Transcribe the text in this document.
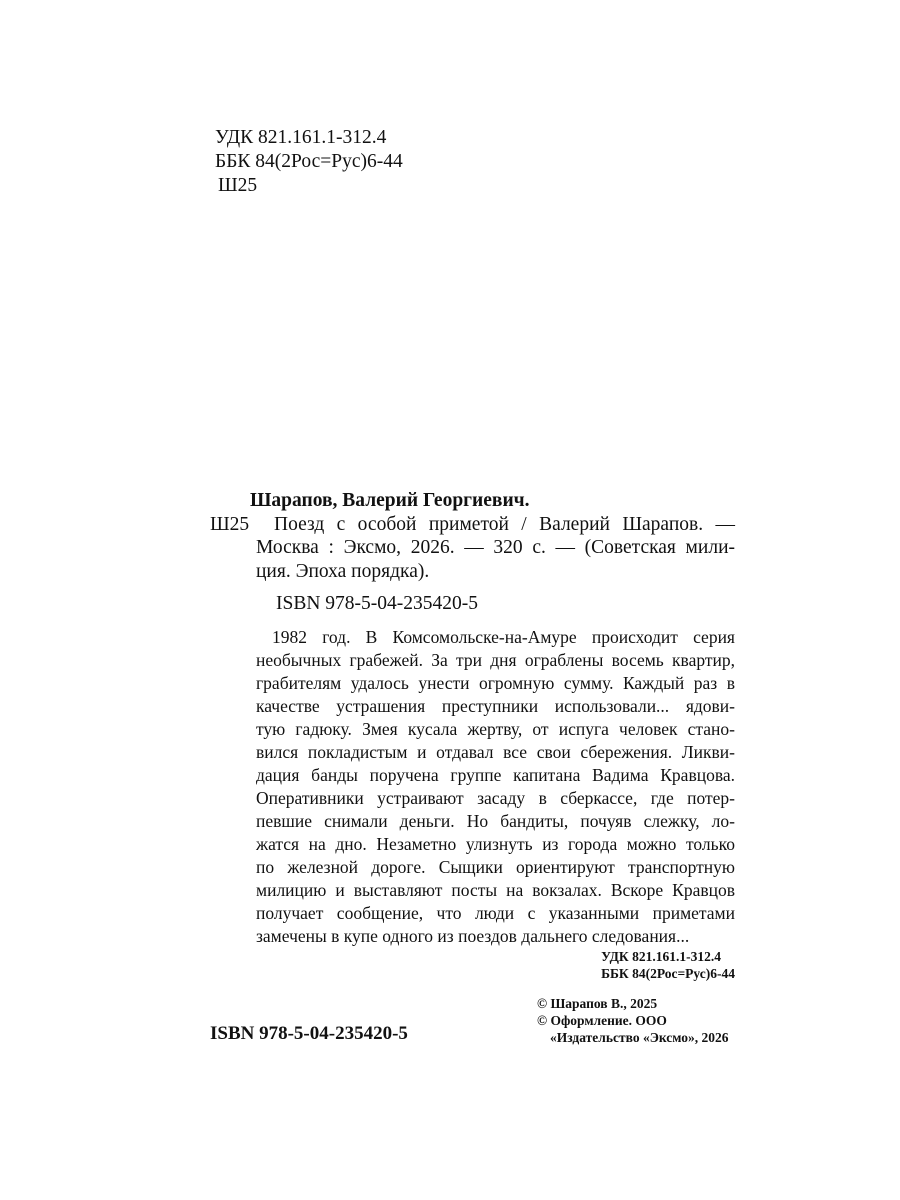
УДК 821.161.1-312.4
ББК 84(2Рос=Рус)6-44
Ш25
Шарапов, Валерий Георгиевич.
Ш25	Поезд с особой приметой / Валерий Шарапов. —
Москва : Эксмо, 2026. — 320 с. — (Советская мили-
ция. Эпоха порядка).
ISBN 978-5-04-235420-5
1982 год. В Комсомольске-на-Амуре происходит серия
необычных грабежей. За три дня ограблены восемь квартир,
грабителям удалось унести огромную сумму. Каждый раз в
качестве устрашения преступники использовали... ядови-
тую гадюку. Змея кусала жертву, от испуга человек стано-
вился покладистым и отдавал все свои сбережения. Ликви-
дация банды поручена группе капитана Вадима Кравцова.
Оперативники устраивают засаду в сберкассе, где потер-
певшие снимали деньги. Но бандиты, почуяв слежку, ло-
жатся на дно. Незаметно улизнуть из города можно только
по железной дороге. Сыщики ориентируют транспортную
милицию и выставляют посты на вокзалах. Вскоре Кравцов
получает сообщение, что люди с указанными приметами
замечены в купе одного из поездов дальнего следования...
УДК 821.161.1-312.4
ББК 84(2Рос=Рус)6-44
© Шарапов В., 2025
© Оформление. ООО
«Издательство «Эксмо», 2026
ISBN 978-5-04-235420-5
